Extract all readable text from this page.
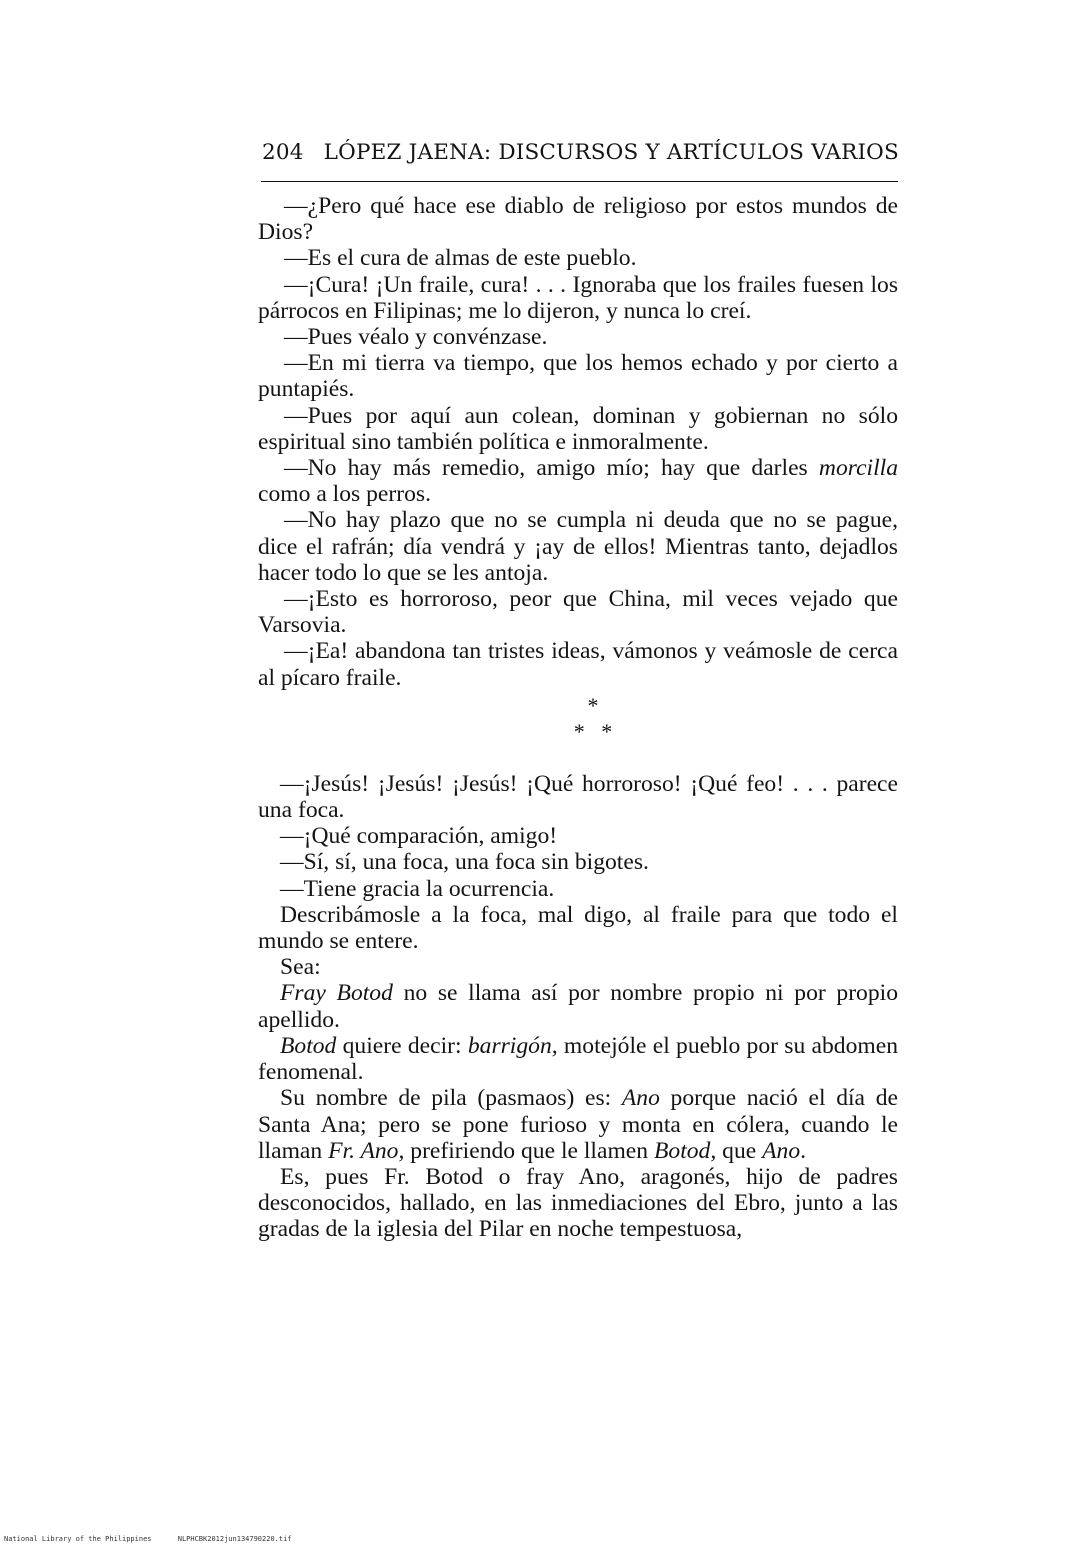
204 LÓPEZ JAENA: DISCURSOS Y ARTÍCULOS VARIOS

—¿Pero qué hace ese diablo de religioso por estos mundos de Dios?

—Es el cura de almas de este pueblo.

—¡Cura! ¡Un fraile, cura! . . . Ignoraba que los frailes fuesen los párrocos en Filipinas; me lo dijeron, y nunca lo creí.

—Pues véalo y convénzase.

—En mi tierra va tiempo, que los hemos echado y por cierto a puntapiés.

—Pues por aquí aun colean, dominan y gobiernan no sólo espiritual sino también política e inmoralmente.

—No hay más remedio, amigo mío; hay que darles morcilla como a los perros.

—No hay plazo que no se cumpla ni deuda que no se pague, dice el rafrán; día vendrá y ¡ay de ellos! Mientras tanto, dejadlos hacer todo lo que se les antoja.

—¡Esto es horroroso, peor que China, mil veces vejado que Varsovia.

—¡Ea! abandona tan tristes ideas, vámonos y veámosle de cerca al pícaro fraile.

*
*   *

—¡Jesús! ¡Jesús! ¡Jesús! ¡Qué horroroso! ¡Qué feo! . . . parece una foca.

—¡Qué comparación, amigo!

—Sí, sí, una foca, una foca sin bigotes.

—Tiene gracia la ocurrencia.

Describámosle a la foca, mal digo, al fraile para que todo el mundo se entere.

Sea:

Fray Botod no se llama así por nombre propio ni por propio apellido.

Botod quiere decir: barrigón, motejóle el pueblo por su abdomen fenomenal.

Su nombre de pila (pasmaos) es: Ano porque nació el día de Santa Ana; pero se pone furioso y monta en cólera, cuando le llaman Fr. Ano, prefiriendo que le llamen Botod, que Ano.

Es, pues Fr. Botod o fray Ano, aragonés, hijo de padres desconocidos, hallado, en las inmediaciones del Ebro, junto a las gradas de la iglesia del Pilar en noche tempestuosa,

National Library of the Philippines	NLPHCBK2012jun134790220.tif
